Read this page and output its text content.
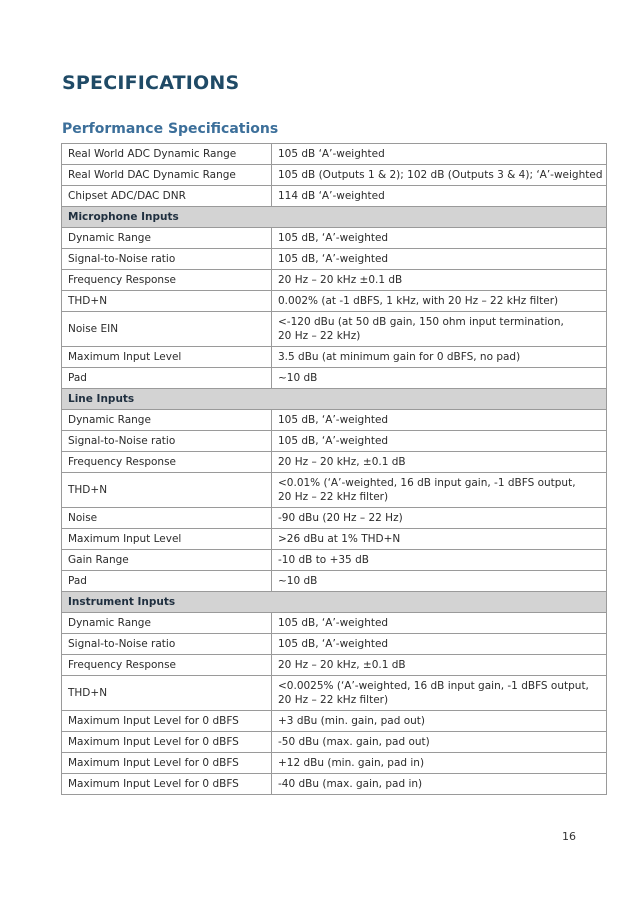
SPECIFICATIONS
Performance Specifications
Real World ADC Dynamic Range	105 dB ‘A’-weighted

Real World DAC Dynamic Range	105 dB (Outputs 1 & 2); 102 dB (Outputs 3 & 4); ‘A’-weighted

Chipset ADC/DAC DNR	114 dB ‘A’-weighted

Microphone Inputs	
Dynamic Range	105 dB, ‘A’-weighted

Signal-to-Noise ratio	105 dB, ‘A’-weighted

Frequency Response	20 Hz – 20 kHz ±0.1 dB

THD+N	0.002% (at -1 dBFS, 1 kHz, with 20 Hz – 22 kHz filter)

Noise EIN	<-120 dBu (at 50 dB gain, 150 ohm input termination,
20 Hz – 22 kHz)

Maximum Input Level	3.5 dBu (at minimum gain for 0 dBFS, no pad)

Pad	~10 dB

Line Inputs	
Dynamic Range	105 dB, ‘A’-weighted

Signal-to-Noise ratio	105 dB, ‘A’-weighted

Frequency Response	20 Hz – 20 kHz, ±0.1 dB

THD+N	<0.01% (‘A’-weighted, 16 dB input gain, -1 dBFS output,
20 Hz – 22 kHz filter)

Noise	-90 dBu (20 Hz – 22 Hz)

Maximum Input Level	>26 dBu at 1% THD+N

Gain Range	-10 dB to +35 dB

Pad	~10 dB

Instrument Inputs	
Dynamic Range	105 dB, ‘A’-weighted

Signal-to-Noise ratio	105 dB, ‘A’-weighted

Frequency Response	20 Hz – 20 kHz, ±0.1 dB

THD+N	<0.0025% (‘A’-weighted, 16 dB input gain, -1 dBFS output,
20 Hz – 22 kHz filter)

Maximum Input Level for 0 dBFS	+3 dBu (min. gain, pad out)

Maximum Input Level for 0 dBFS	-50 dBu (max. gain, pad out)

Maximum Input Level for 0 dBFS	+12 dBu (min. gain, pad in)

Maximum Input Level for 0 dBFS	-40 dBu (max. gain, pad in)
16
